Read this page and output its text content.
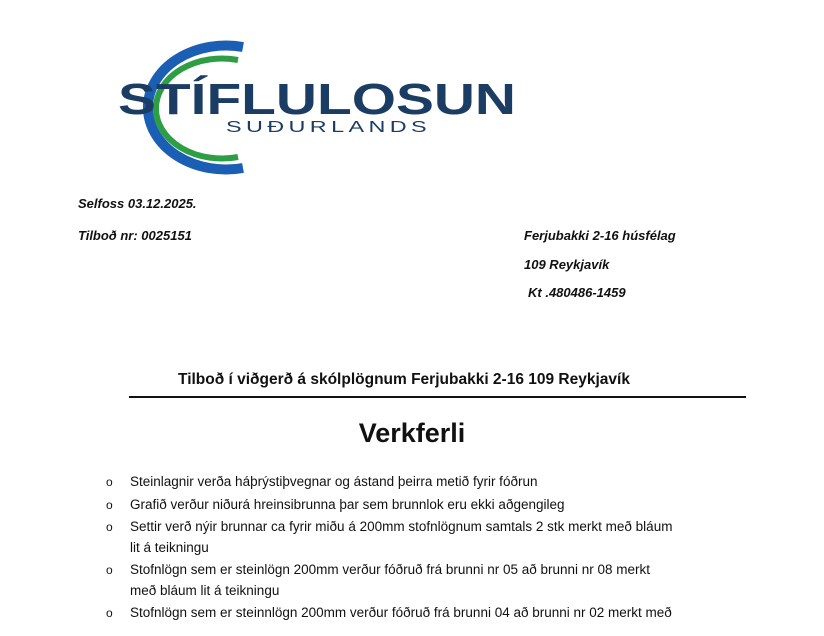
STÍFLULOSUN
SUÐURLANDS
Selfoss 03.12.2025.
Tilboð nr: 0025151	Ferjubakki 2-16 húsfélag
109 Reykjavík
Kt .480486-1459
Tilboð í viðgerð á skólplögnum Ferjubakki 2-16 109 Reykjavík
Verkferli
o Steinlagnir verða háþrýstiþvegnar og ástand þeirra metið fyrir fóðrun
o Grafið verður niðurá hreinsibrunna þar sem brunnlok eru ekki aðgengileg
o Settir verð nýir brunnar ca fyrir miðu á 200mm stofnlögnum samtals 2 stk merkt með bláum
lit á teikningu
o Stofnlögn sem er steinlögn 200mm verður fóðruð frá brunni nr 05 að brunni nr 08 merkt
með bláum lit á teikningu
o Stofnlögn sem er steinnlögn 200mm verður fóðruð frá brunni 04 að brunni nr 02 merkt með
